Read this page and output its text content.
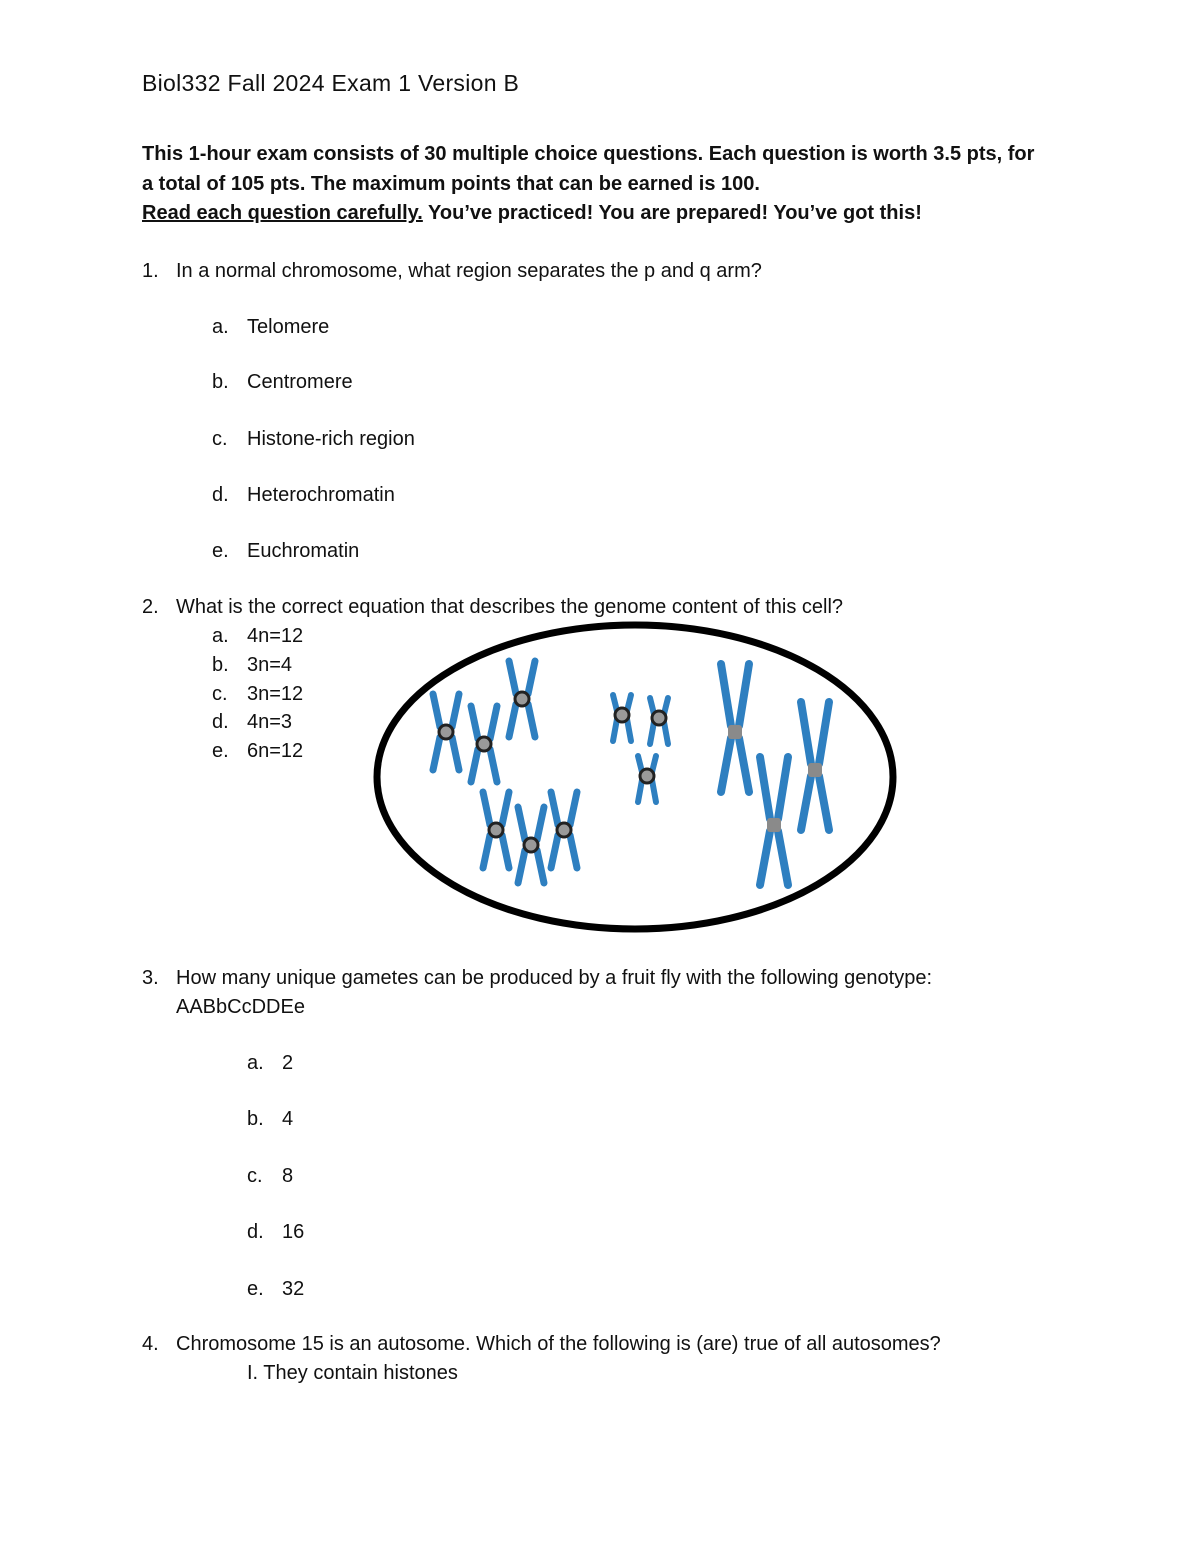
Biol332 Fall 2024 Exam 1 Version B
This 1-hour exam consists of 30 multiple choice questions. Each question is worth 3.5 pts, for
a total of 105 pts. The maximum points that can be earned is 100.
Read each question carefully. You’ve practiced! You are prepared! You’ve got this!
1. In a normal chromosome, what region separates the p and q arm?
a. Telomere
b. Centromere
c. Histone-rich region
d. Heterochromatin
e. Euchromatin
2. What is the correct equation that describes the genome content of this cell?
a. 4n=12
b. 3n=4
c. 3n=12
d. 4n=3
e. 6n=12
3. How many unique gametes can be produced by a fruit fly with the following genotype:
AABbCcDDEe
a. 2
b. 4
c. 8
d. 16
e. 32
4. Chromosome 15 is an autosome. Which of the following is (are) true of all autosomes?
I. They contain histones
